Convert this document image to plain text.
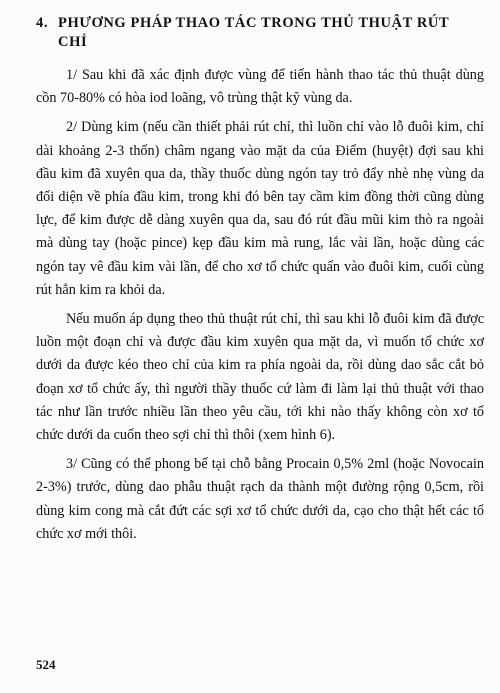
4. PHƯƠNG PHÁP THAO TÁC TRONG THỦ THUẬT RÚT
CHỈ

1/ Sau khi đã xác định được vùng để tiến hành thao tác thủ thuật dùng cồn 70-80% có hòa iod loãng, vô trùng thật kỹ vùng da.

2/ Dùng kim (nếu cần thiết phải rút chỉ, thì luồn chỉ vào lỗ đuôi kim, chỉ dài khoảng 2-3 thốn) châm ngang vào mặt da của Điểm (huyệt) đợi sau khi đầu kim đã xuyên qua da, thầy thuốc dùng ngón tay trỏ đẩy nhè nhẹ vùng da đối diện về phía đầu kim, trong khi đó bên tay cầm kim đồng thời cũng dùng lực, để kim được dễ dàng xuyên qua da, sau đó rút đầu mũi kim thò ra ngoài mà dùng tay (hoặc pince) kẹp đầu kim mà rung, lắc vài lần, hoặc dùng các ngón tay vê đầu kim vài lần, để cho xơ tổ chức quấn vào đuôi kim, cuối cùng rút hẳn kim ra khỏi da.

Nếu muốn áp dụng theo thủ thuật rút chỉ, thì sau khi lỗ đuôi kim đã được luồn một đoạn chỉ và được đầu kim xuyên qua mặt da, vì muốn tổ chức xơ dưới da được kéo theo chỉ của kim ra phía ngoài da, rồi dùng dao sắc cắt bỏ đoạn xơ tổ chức ấy, thì người thầy thuốc cứ làm đi làm lại thủ thuật với thao tác như lần trước nhiều lần theo yêu cầu, tới khi nào thấy không còn xơ tổ chức dưới da cuốn theo sợi chỉ thì thôi (xem hình 6).

3/ Cũng có thể phong bế tại chỗ bằng Procain 0,5% 2ml (hoặc Novocain 2-3%) trước, dùng dao phẫu thuật rạch da thành một đường rộng 0,5cm, rồi dùng kim cong mà cắt đứt các sợi xơ tổ chức dưới da, cạo cho thật hết các tổ chức xơ mới thôi.

524
